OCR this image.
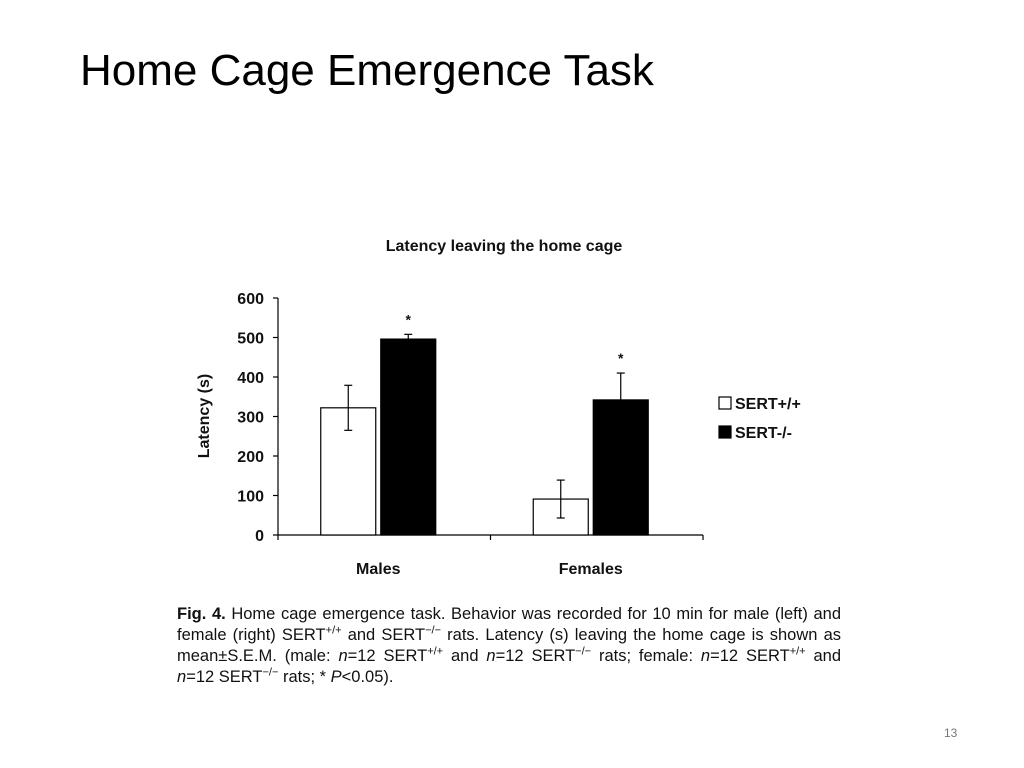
Home Cage Emergence Task
Latency leaving the home cage
Latency (s)
0
100
200
300
400
500
600
Males
*
Females
*
SERT+/+
SERT-/-

Fig. 4. Home cage emergence task. Behavior was recorded for 10 min for male (left) and female (right) SERT+/+ and SERT−/− rats. Latency (s) leaving the home cage is shown as mean±S.E.M. (male: n=12 SERT+/+ and n=12 SERT−/− rats; female: n=12 SERT+/+ and n=12 SERT−/− rats; * P<0.05).

13
